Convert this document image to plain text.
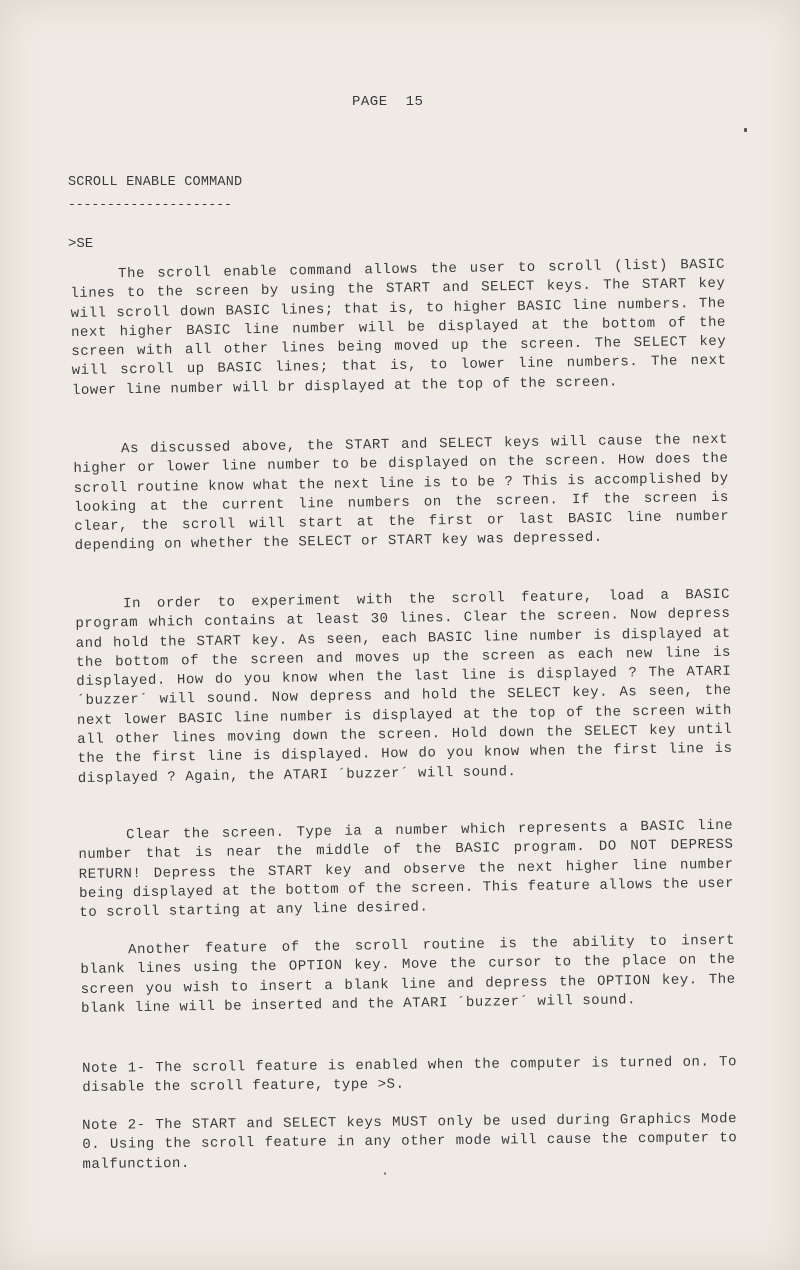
PAGE 15
SCROLL ENABLE COMMAND
---------------------
>SE

The scroll enable command allows the user to scroll (list) BASIC lines to the screen by using the START and SELECT keys. The START key will scroll down BASIC lines; that is, to higher BASIC line numbers. The next higher BASIC line number will be displayed at the bottom of the screen with all other lines being moved up the screen. The SELECT key will scroll up BASIC lines; that is, to lower line numbers. The next lower line number will br displayed at the top of the screen.

As discussed above, the START and SELECT keys will cause the next higher or lower line number to be displayed on the screen. How does the scroll routine know what the next line is to be ? This is accomplished by looking at the current line numbers on the screen. If the screen is clear, the scroll will start at the first or last BASIC line number depending on whether the SELECT or START key was depressed.

In order to experiment with the scroll feature, load a BASIC program which contains at least 30 lines. Clear the screen. Now depress and hold the START key. As seen, each BASIC line number is displayed at the bottom of the screen and moves up the screen as each new line is displayed. How do you know when the last line is displayed ? The ATARI ´buzzer´ will sound. Now depress and hold the SELECT key. As seen, the next lower BASIC line number is displayed at the top of the screen with all other lines moving down the screen. Hold down the SELECT key until the the first line is displayed. How do you know when the first line is displayed ? Again, the ATARI ´buzzer´ will sound.

Clear the screen. Type ia a number which represents a BASIC line number that is near the middle of the BASIC program. DO NOT DEPRESS RETURN! Depress the START key and observe the next higher line number being displayed at the bottom of the screen. This feature allows the user to scroll starting at any line desired.

Another feature of the scroll routine is the ability to insert blank lines using the OPTION key. Move the cursor to the place on the screen you wish to insert a blank line and depress the OPTION key. The blank line will be inserted and the ATARI ´buzzer´ will sound.

Note 1- The scroll feature is enabled when the computer is turned on. To disable the scroll feature, type >S.

Note 2- The START and SELECT keys MUST only be used during Graphics Mode 0. Using the scroll feature in any other mode will cause the computer to malfunction.
